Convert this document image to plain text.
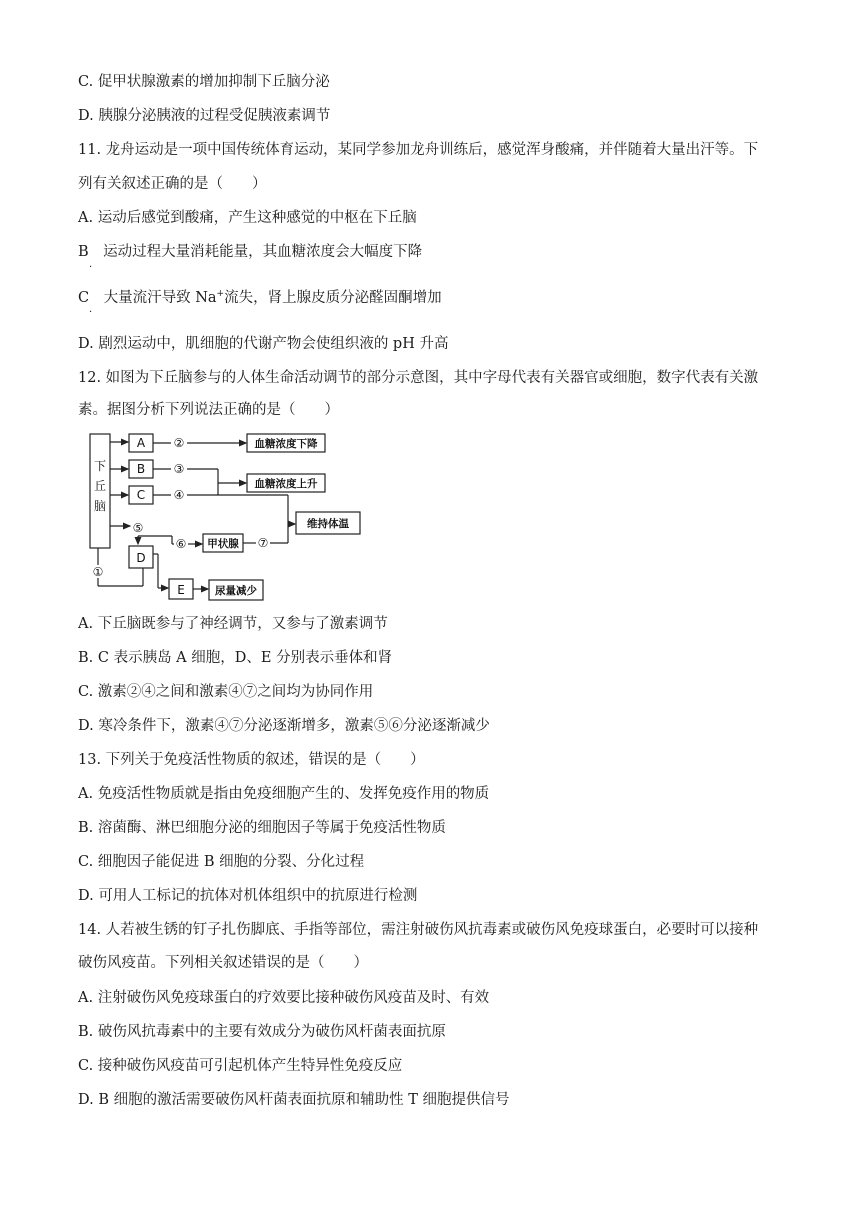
C. 促甲状腺激素的增加抑制下丘脑分泌
D. 胰腺分泌胰液的过程受促胰液素调节
11. 龙舟运动是一项中国传统体育运动，某同学参加龙舟训练后，感觉浑身酸痛，并伴随着大量出汗等。下
列有关叙述正确的是（　　）
A. 运动后感觉到酸痛，产生这种感觉的中枢在下丘脑
B　运动过程大量消耗能量，其血糖浓度会大幅度下降
·
C　大量流汗导致 Na+流失，肾上腺皮质分泌醛固酮增加
·
D. 剧烈运动中，肌细胞的代谢产物会使组织液的 pH 升高
12. 如图为下丘脑参与的人体生命活动调节的部分示意图，其中字母代表有关器官或细胞，数字代表有关激
素。据图分析下列说法正确的是（　　）
下
丘
脑
A
B
C
D
E
②
③
④
⑤
⑥	⑦
①
血糖浓度下降
血糖浓度上升
维持体温
甲状腺
尿量减少
A. 下丘脑既参与了神经调节，又参与了激素调节
B. C 表示胰岛 A 细胞，D、E 分别表示垂体和肾
C. 激素②④之间和激素④⑦之间均为协同作用
D. 寒冷条件下，激素④⑦分泌逐渐增多，激素⑤⑥分泌逐渐减少
13. 下列关于免疫活性物质的叙述，错误的是（　　）
A. 免疫活性物质就是指由免疫细胞产生的、发挥免疫作用的物质
B. 溶菌酶、淋巴细胞分泌的细胞因子等属于免疫活性物质
C. 细胞因子能促进 B 细胞的分裂、分化过程
D. 可用人工标记的抗体对机体组织中的抗原进行检测
14. 人若被生锈的钉子扎伤脚底、手指等部位，需注射破伤风抗毒素或破伤风免疫球蛋白，必要时可以接种
破伤风疫苗。下列相关叙述错误的是（　　）
A. 注射破伤风免疫球蛋白的疗效要比接种破伤风疫苗及时、有效
B. 破伤风抗毒素中的主要有效成分为破伤风杆菌表面抗原
C. 接种破伤风疫苗可引起机体产生特异性免疫反应
D. B 细胞的激活需要破伤风杆菌表面抗原和辅助性 T 细胞提供信号
